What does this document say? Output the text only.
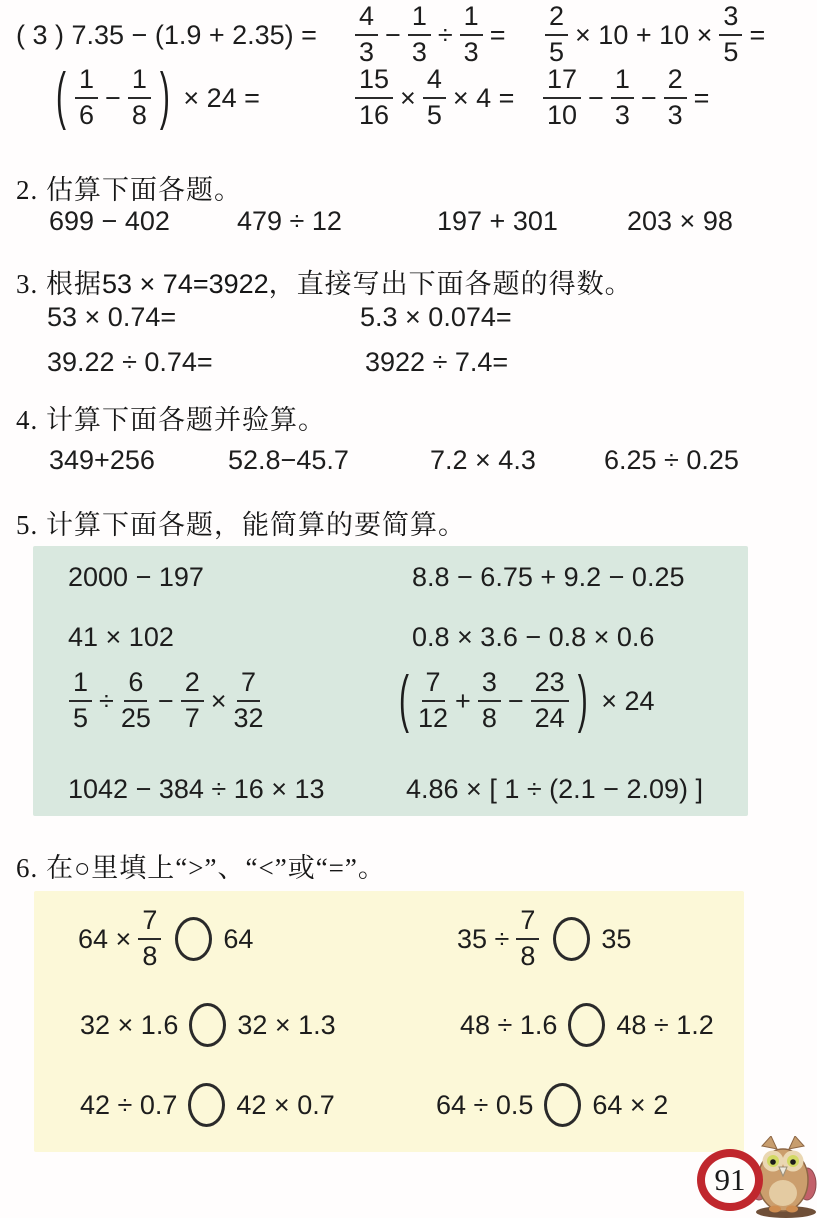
( 3 ) $7.35 - (1.9 + 2.35) = \frac{4}{3} - \frac{1}{3} \div \frac{1}{3} = \frac{2}{5} \times 10 + 10 \times \frac{3}{5}$ =
( $\frac{1}{6} - \frac{1}{8}$ ) × 24 =	$\frac{15}{16} \times \frac{4}{5} \times 4 = \frac{17}{10} - \frac{1}{3} - \frac{2}{3}$ =
2. 估算下面各题。
699 − 402 479 ÷ 12	197 + 301	203 × 98
3. 根据53 × 74=3922，直接写出下面各题的得数。
53 × 0.74=	5.3 × 0.074=
39.22 ÷ 0.74=	3922 ÷ 7.4=
4. 计算下面各题并验算。
349+256	52.8−45.7	7.2 × 4.3	6.25 ÷ 0.25
5. 计算下面各题，能简算的要简算。
2000 − 197	8.8 − 6.75 + 9.2 − 0.25
41 × 102	0.8 × 3.6 − 0.8 × 0.6
$\frac{1}{5} \div \frac{6}{25} - \frac{2}{7} \times \frac{7}{32}$	( $\frac{7}{12} + \frac{3}{8} - \frac{23}{24}$ ) × 24
1042 − 384 ÷ 16 × 13	4.86 × [ 1 ÷ (2.1 − 2.09) ]
6. 在○里填上“>”、“<”或“=”。
$64 \times \frac{7}{8} 64$	$35 \div \frac{7}{8} 35$
32 × 1.6 32 × 1.3	48 ÷ 1.6 48 ÷ 1.2
42 ÷ 0.7 42 × 0.7	64 ÷ 0.5 64 × 2
91
